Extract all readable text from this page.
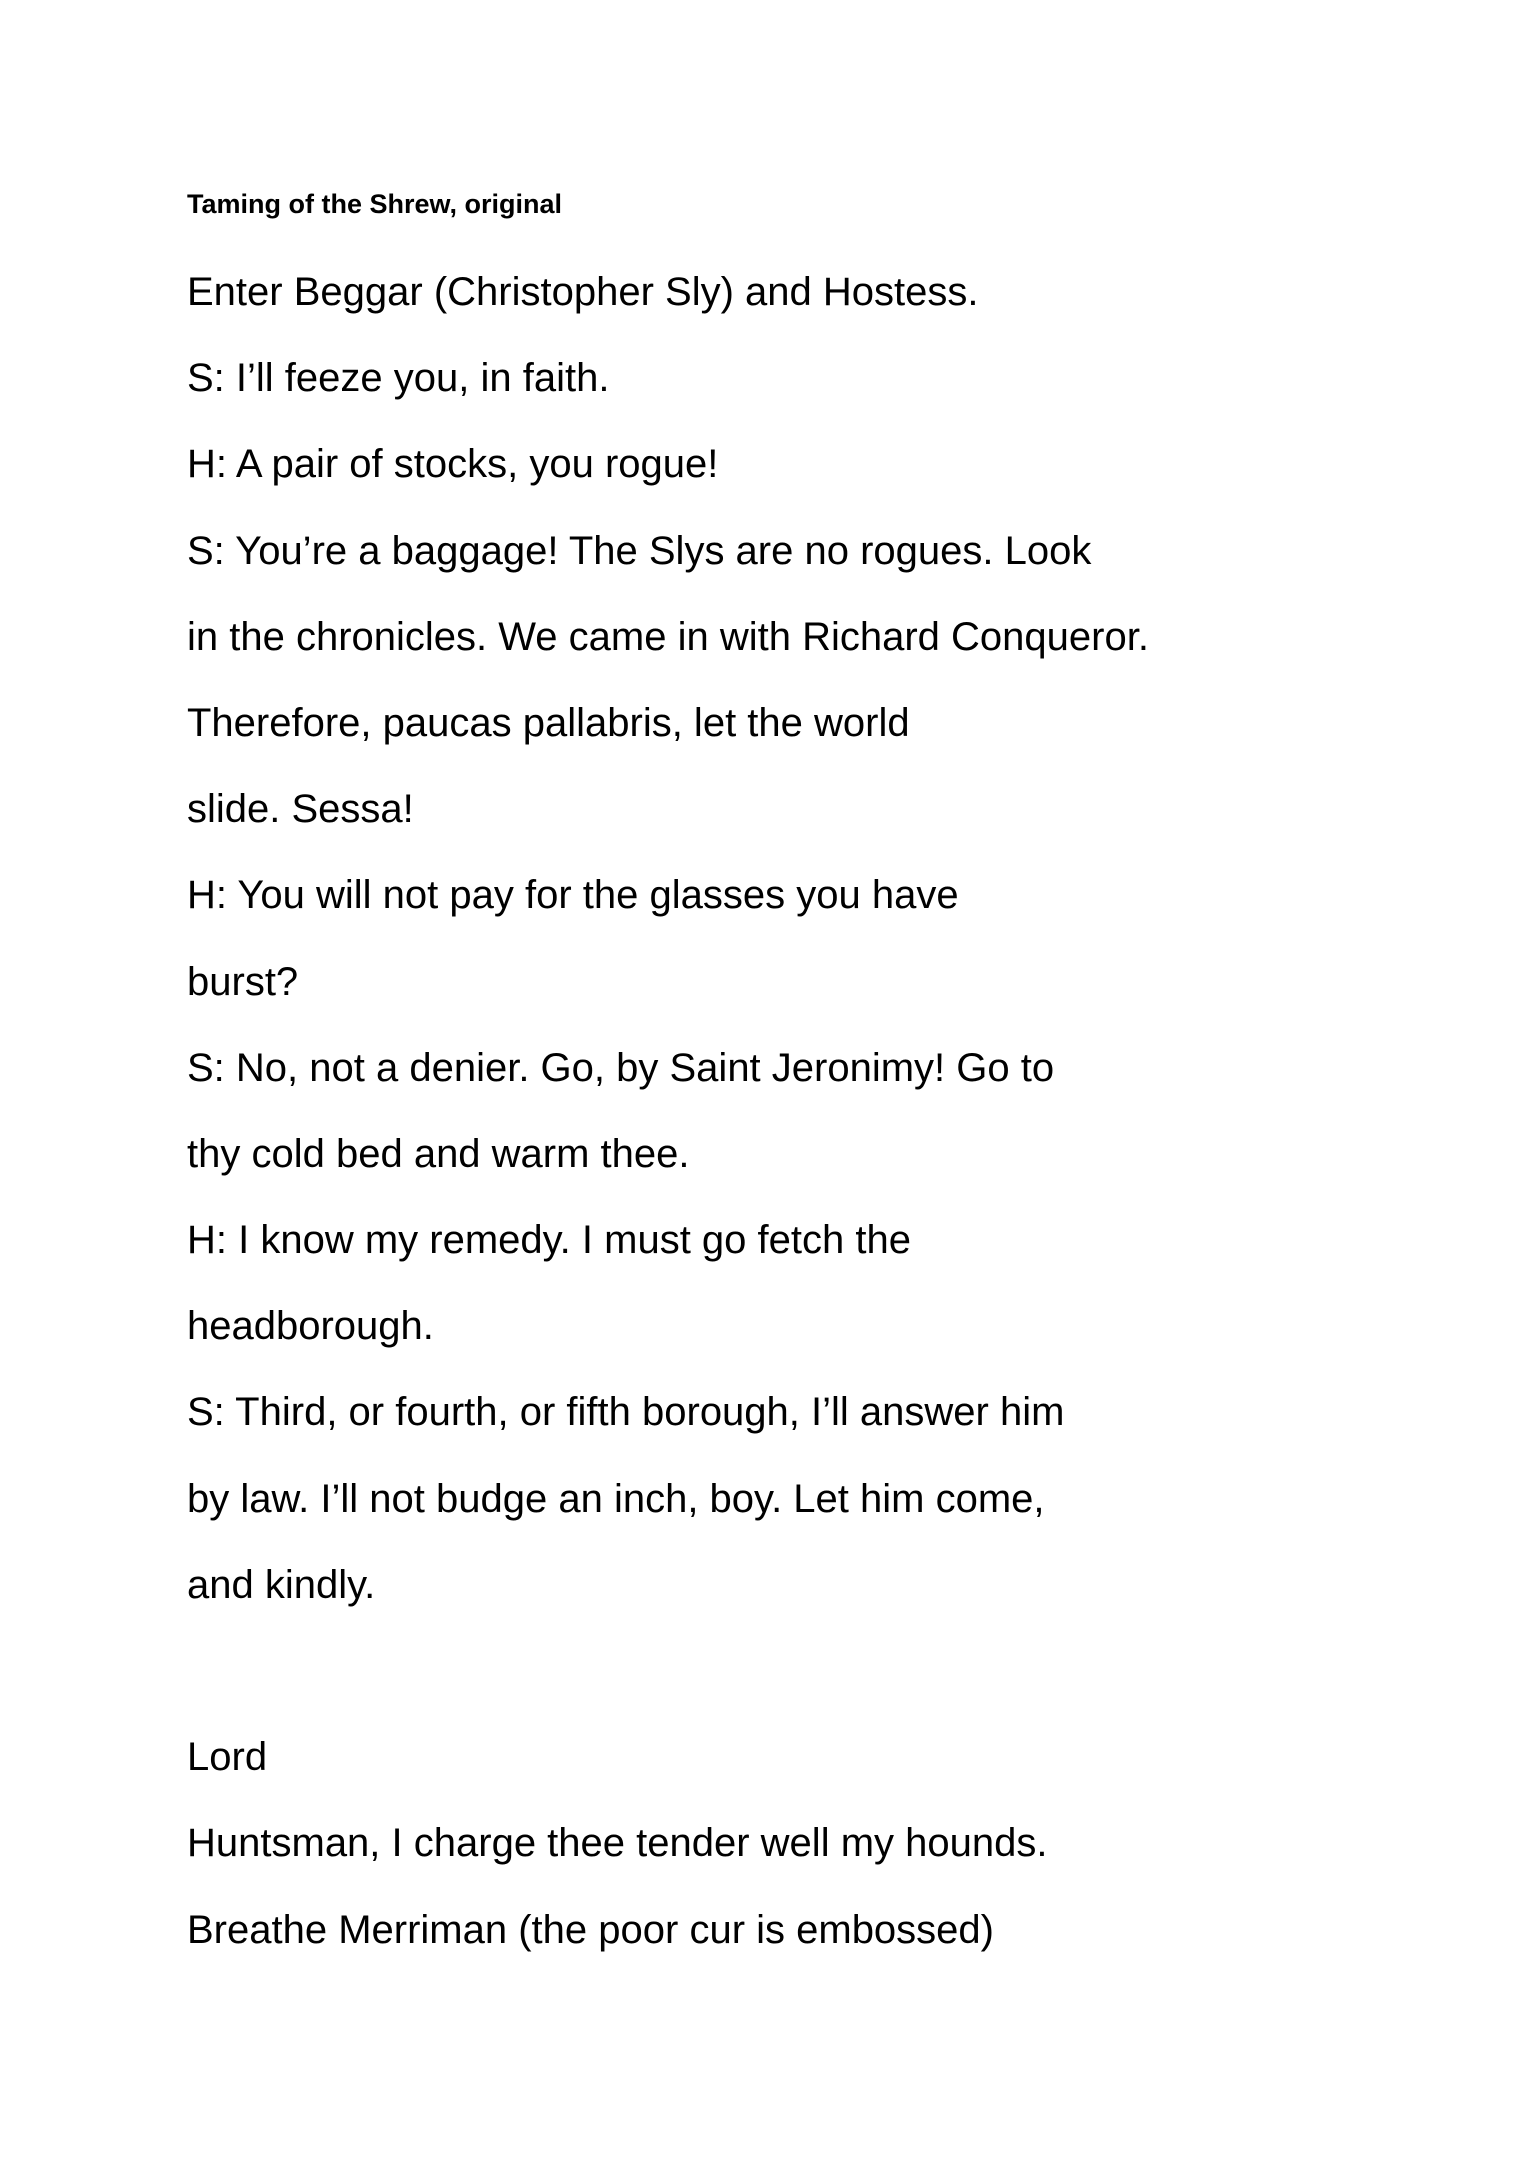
Taming of the Shrew, original
Enter Beggar (Christopher Sly) and Hostess.
S: I’ll feeze you, in faith.
H: A pair of stocks, you rogue!
S: You’re a baggage! The Slys are no rogues. Look
in the chronicles. We came in with Richard Conqueror.
Therefore, paucas pallabris, let the world
slide. Sessa!
H: You will not pay for the glasses you have
burst?
S: No, not a denier. Go, by Saint Jeronimy! Go to
thy cold bed and warm thee.
H: I know my remedy. I must go fetch the
headborough.
S: Third, or fourth, or fifth borough, I’ll answer him
by law. I’ll not budge an inch, boy. Let him come,
and kindly.
Lord
Huntsman, I charge thee tender well my hounds.
Breathe Merriman (the poor cur is embossed)
